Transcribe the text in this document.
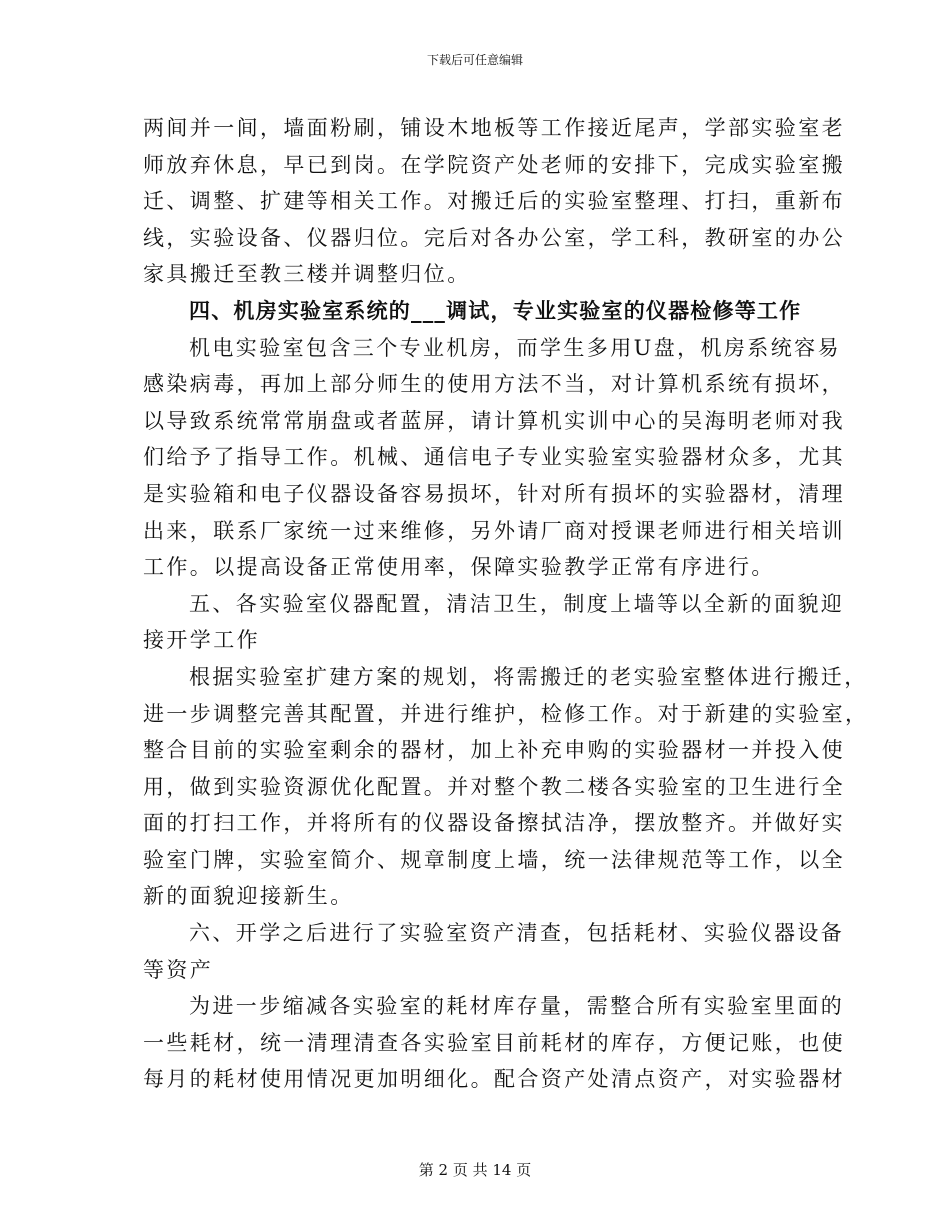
下载后可任意编辑
两间并一间，墙面粉刷，铺设木地板等工作接近尾声，学部实验室老
师放弃休息，早已到岗。在学院资产处老师的安排下，完成实验室搬
迁、调整、扩建等相关工作。对搬迁后的实验室整理、打扫，重新布
线，实验设备、仪器归位。完后对各办公室，学工科，教研室的办公
家具搬迁至教三楼并调整归位。
四、机房实验室系统的___调试，专业实验室的仪器检修等工作
机电实验室包含三个专业机房，而学生多用U盘，机房系统容易
感染病毒，再加上部分师生的使用方法不当，对计算机系统有损坏，
以导致系统常常崩盘或者蓝屏，请计算机实训中心的吴海明老师对我
们给予了指导工作。机械、通信电子专业实验室实验器材众多，尤其
是实验箱和电子仪器设备容易损坏，针对所有损坏的实验器材，清理
出来，联系厂家统一过来维修，另外请厂商对授课老师进行相关培训
工作。以提高设备正常使用率，保障实验教学正常有序进行。
五、各实验室仪器配置，清洁卫生，制度上墙等以全新的面貌迎
接开学工作
根据实验室扩建方案的规划，将需搬迁的老实验室整体进行搬迁，
进一步调整完善其配置，并进行维护，检修工作。对于新建的实验室，
整合目前的实验室剩余的器材，加上补充申购的实验器材一并投入使
用，做到实验资源优化配置。并对整个教二楼各实验室的卫生进行全
面的打扫工作，并将所有的仪器设备擦拭洁净，摆放整齐。并做好实
验室门牌，实验室简介、规章制度上墙，统一法律规范等工作，以全
新的面貌迎接新生。
六、开学之后进行了实验室资产清查，包括耗材、实验仪器设备
等资产
为进一步缩减各实验室的耗材库存量，需整合所有实验室里面的
一些耗材，统一清理清查各实验室目前耗材的库存，方便记账，也使
每月的耗材使用情况更加明细化。配合资产处清点资产，对实验器材
第 2 页 共 14 页
